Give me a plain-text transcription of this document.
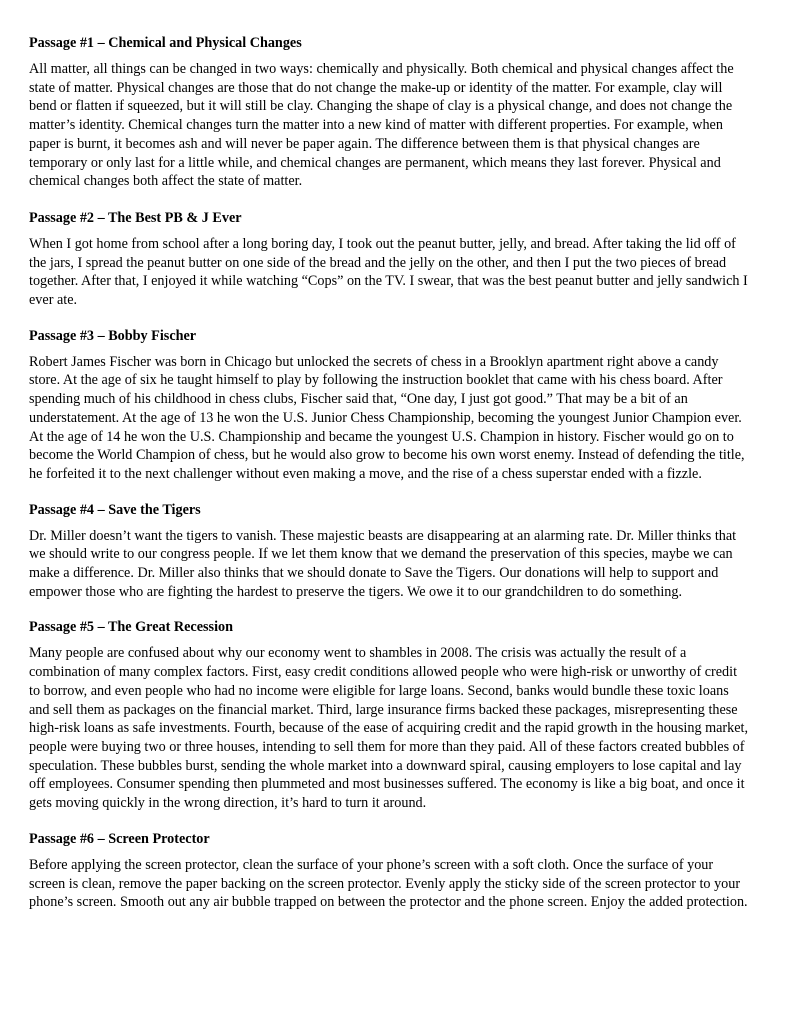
Passage #1 – Chemical and Physical Changes

All matter, all things can be changed in two ways: chemically and physically. Both chemical and physical changes affect the state of matter. Physical changes are those that do not change the make-up or identity of the matter. For example, clay will bend or flatten if squeezed, but it will still be clay. Changing the shape of clay is a physical change, and does not change the matter’s identity. Chemical changes turn the matter into a new kind of matter with different properties. For example, when paper is burnt, it becomes ash and will never be paper again. The difference between them is that physical changes are temporary or only last for a little while, and chemical changes are permanent, which means they last forever. Physical and chemical changes both affect the state of matter.

Passage #2 – The Best PB & J Ever

When I got home from school after a long boring day, I took out the peanut butter, jelly, and bread. After taking the lid off of the jars, I spread the peanut butter on one side of the bread and the jelly on the other, and then I put the two pieces of bread together. After that, I enjoyed it while watching “Cops” on the TV. I swear, that was the best peanut butter and jelly sandwich I ever ate.

Passage #3 – Bobby Fischer

Robert James Fischer was born in Chicago but unlocked the secrets of chess in a Brooklyn apartment right above a candy store. At the age of six he taught himself to play by following the instruction booklet that came with his chess board. After spending much of his childhood in chess clubs, Fischer said that, “One day, I just got good.” That may be a bit of an understatement. At the age of 13 he won the U.S. Junior Chess Championship, becoming the youngest Junior Champion ever. At the age of 14 he won the U.S. Championship and became the youngest U.S. Champion in history. Fischer would go on to become the World Champion of chess, but he would also grow to become his own worst enemy. Instead of defending the title, he forfeited it to the next challenger without even making a move, and the rise of a chess superstar ended with a fizzle.

Passage #4 – Save the Tigers

Dr. Miller doesn’t want the tigers to vanish. These majestic beasts are disappearing at an alarming rate. Dr. Miller thinks that we should write to our congress people. If we let them know that we demand the preservation of this species, maybe we can make a difference. Dr. Miller also thinks that we should donate to Save the Tigers. Our donations will help to support and empower those who are fighting the hardest to preserve the tigers. We owe it to our grandchildren to do something.

Passage #5 – The Great Recession

Many people are confused about why our economy went to shambles in 2008. The crisis was actually the result of a combination of many complex factors. First, easy credit conditions allowed people who were high-risk or unworthy of credit to borrow, and even people who had no income were eligible for large loans. Second, banks would bundle these toxic loans and sell them as packages on the financial market. Third, large insurance firms backed these packages, misrepresenting these high-risk loans as safe investments. Fourth, because of the ease of acquiring credit and the rapid growth in the housing market, people were buying two or three houses, intending to sell them for more than they paid. All of these factors created bubbles of speculation. These bubbles burst, sending the whole market into a downward spiral, causing employers to lose capital and lay off employees. Consumer spending then plummeted and most businesses suffered. The economy is like a big boat, and once it gets moving quickly in the wrong direction, it’s hard to turn it around.

Passage #6 – Screen Protector

Before applying the screen protector, clean the surface of your phone’s screen with a soft cloth. Once the surface of your screen is clean, remove the paper backing on the screen protector. Evenly apply the sticky side of the screen protector to your phone’s screen. Smooth out any air bubble trapped on between the protector and the phone screen. Enjoy the added protection.
